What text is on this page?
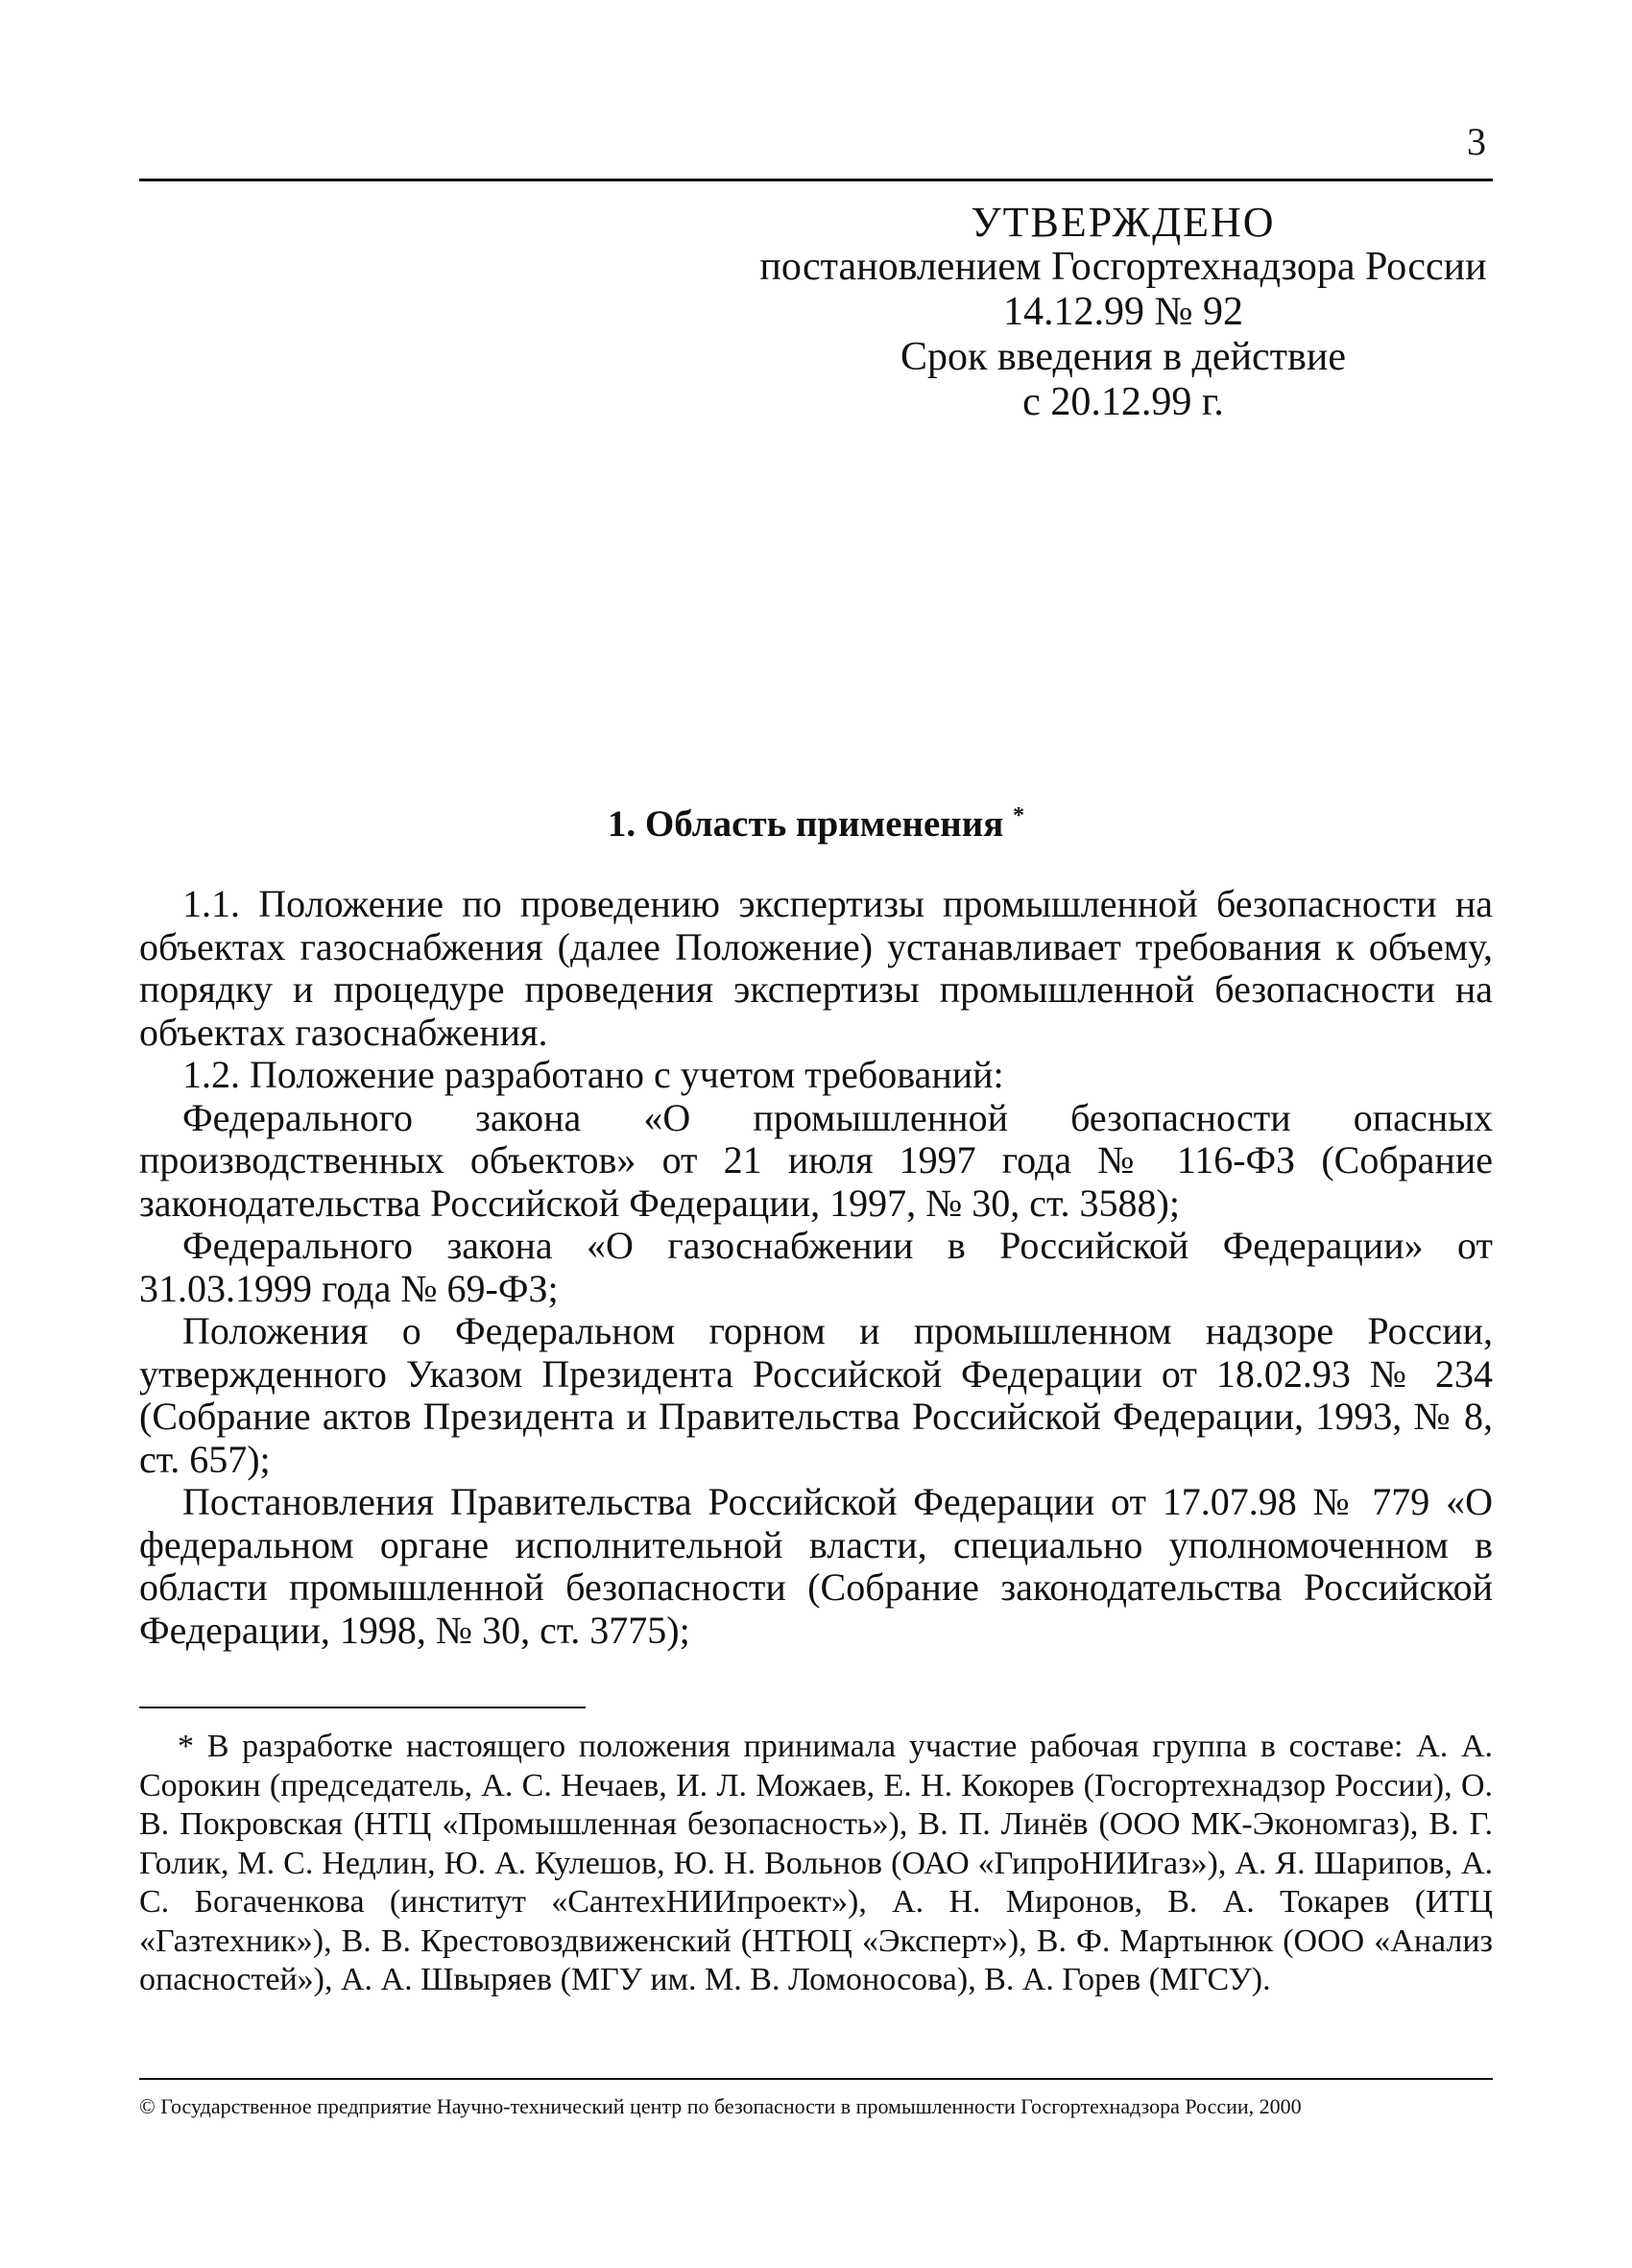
3
УТВЕРЖДЕНО
постановлением Госгортехнадзора России
14.12.99 № 92
Срок введения в действие
с 20.12.99 г.
1. Область применения *

1.1. Положение по проведению экспертизы промышленной безопасности на объектах газоснабжения (далее Положение) устанавливает требования к объему, порядку и процедуре проведения экспертизы промышленной безопасности на объектах газоснабжения.

1.2. Положение разработано с учетом требований:

Федерального закона «О промышленной безопасности опасных производственных объектов» от 21 июля 1997 года № 116-ФЗ (Собрание законодательства Российской Федерации, 1997, № 30, ст. 3588);

Федерального закона «О газоснабжении в Российской Федерации» от 31.03.1999 года № 69-ФЗ;

Положения о Федеральном горном и промышленном надзоре России, утвержденного Указом Президента Российской Федерации от 18.02.93 № 234 (Собрание актов Президента и Правительства Российской Федерации, 1993, № 8, ст. 657);

Постановления Правительства Российской Федерации от 17.07.98 № 779 «О федеральном органе исполнительной власти, специально уполномоченном в области промышленной безопасности (Собрание законодательства Российской Федерации, 1998, № 30, ст. 3775);

* В разработке настоящего положения принимала участие рабочая группа в составе: А. А. Сорокин (председатель, А. С. Нечаев, И. Л. Можаев, Е. Н. Кокорев (Госгортехнадзор России), О. В. Покровская (НТЦ «Промышленная безопасность»), В. П. Линёв (ООО МК-Экономгаз), В. Г. Голик, М. С. Недлин, Ю. А. Кулешов, Ю. Н. Вольнов (ОАО «ГипроНИИгаз»), А. Я. Шарипов, А. С. Богаченкова (институт «СантехНИИпроект»), А. Н. Миронов, В. А. Токарев (ИТЦ «Газтехник»), В. В. Крестовоздвиженский (НТЮЦ «Эксперт»), В. Ф. Мартынюк (ООО «Анализ опасностей»), А. А. Швыряев (МГУ им. М. В. Ломоносова), В. А. Горев (МГСУ).

© Государственное предприятие Научно-технический центр по безопасности в промышленности Госгортехнадзора России, 2000
